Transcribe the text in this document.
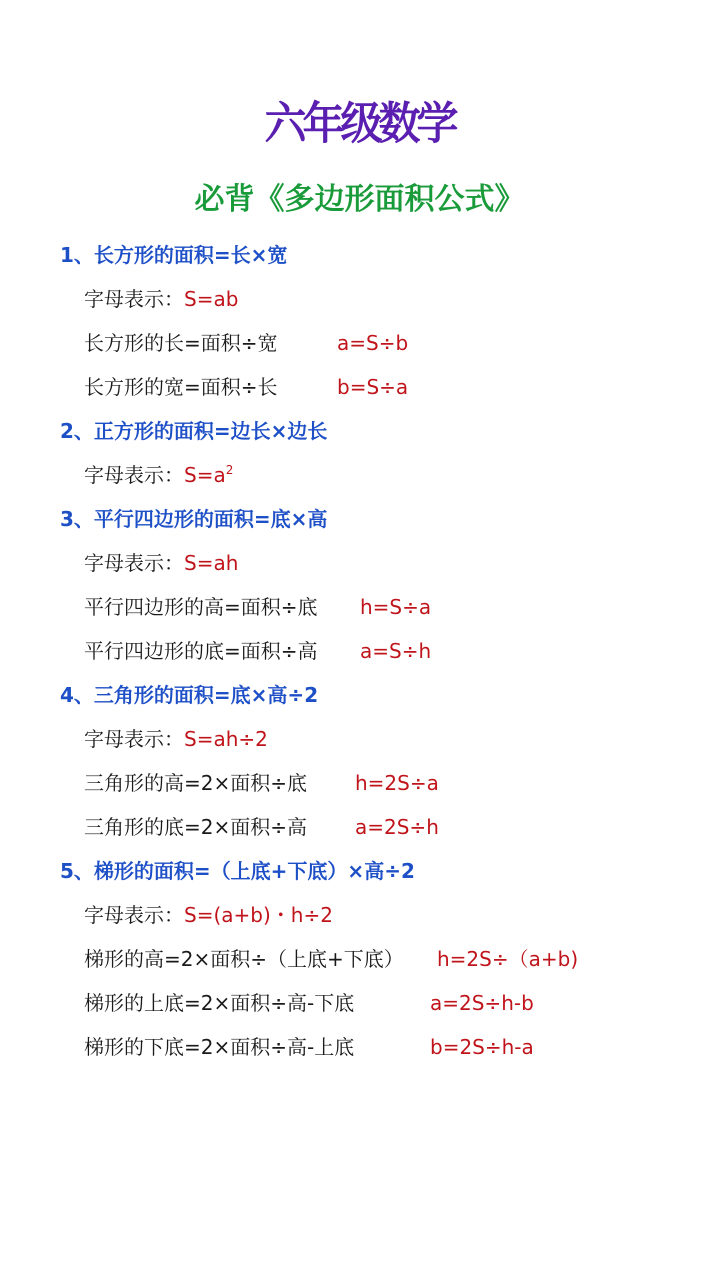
六年级数学
必背《多边形面积公式》
1、长方形的面积=长×宽
字母表示：S=ab
长方形的长=面积÷宽	a=S÷b
长方形的宽=面积÷长	b=S÷a
2、正方形的面积=边长×边长
字母表示：$S=a^2$
3、平行四边形的面积=底×高
字母表示：S=ah
平行四边形的高=面积÷底 h=S÷a
平行四边形的底=面积÷高 a=S÷h
4、三角形的面积=底×高÷2
字母表示：S=ah÷2
三角形的高=2×面积÷底 h=2S÷a
三角形的底=2×面积÷高 a=2S÷h
5、梯形的面积=（上底+下底）×高÷2
字母表示：S=(a+b)・h÷2
梯形的高=2×面积÷（上底+下底） h=2S÷（a+b)
梯形的上底=2×面积÷高-下底	a=2S÷h-b
梯形的下底=2×面积÷高-上底	b=2S÷h-a
